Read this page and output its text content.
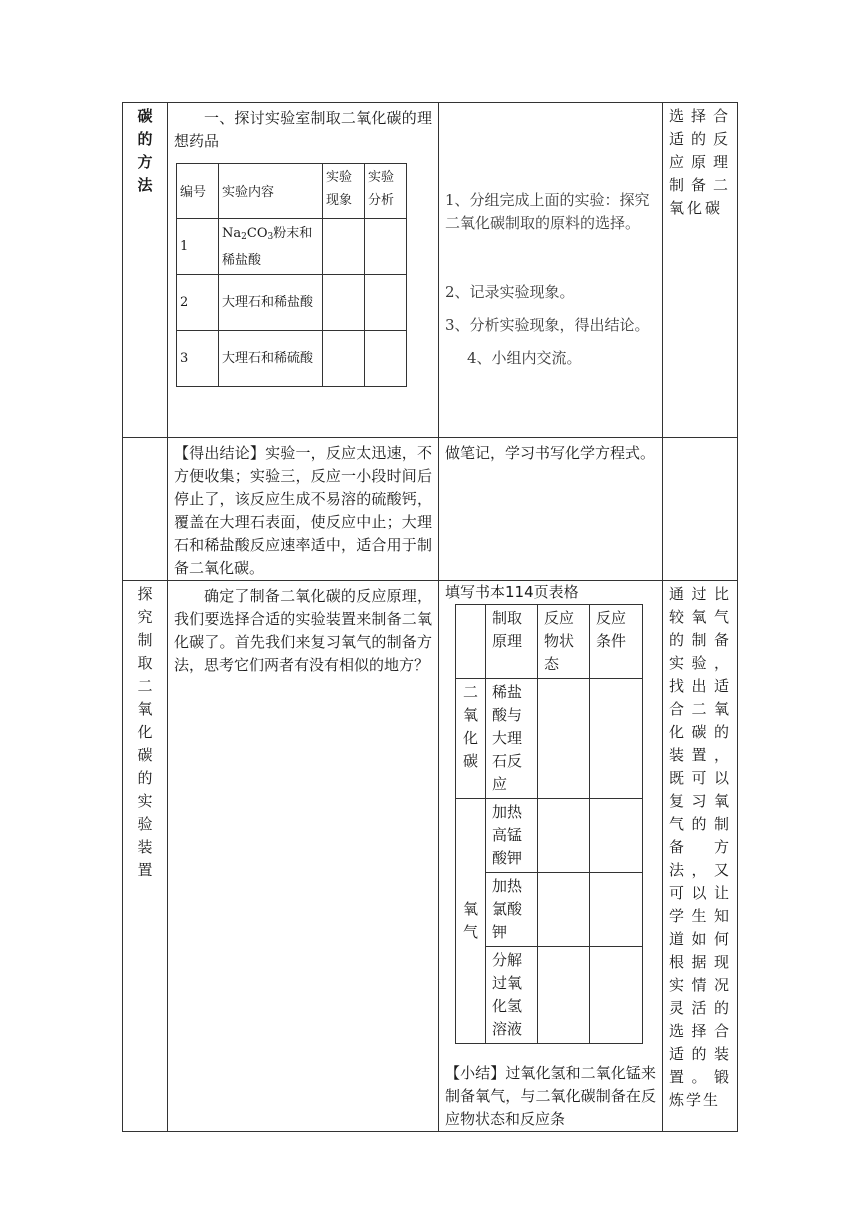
碳
的
方
法

一、探讨实验室制取二氧化碳的理想药品
编号	实验内容	实验现象	实验分析
1	$Na_2CO_3$粉末和稀盐酸		
2	大理石和稀盐酸		
3	大理石和稀硫酸		

1、分组完成上面的实验：探究二氧化碳制取的原料的选择。
2、记录实验现象。
3、分析实验现象，得出结论。
4、小组内交流。

选择合适的反应原理制备二氧化碳

【得出结论】实验一，反应太迅速，不方便收集；实验三，反应一小段时间后停止了，该反应生成不易溶的硫酸钙，覆盖在大理石表面，使反应中止；大理石和稀盐酸反应速率适中，适合用于制备二氧化碳。

做笔记，学习书写化学方程式。

探
究
制
取
二
氧
化
碳
的
实
验
装
置

确定了制备二氧化碳的反应原理，我们要选择合适的实验装置来制备二氧化碳了。首先我们来复习氧气的制备方法，思考它们两者有没有相似的地方？

填写书本114页表格
	制取原理	反应物状态	反应条件
二
氧
化
碳	稀盐酸与大理石反应		
氧
气	加热高锰酸钾		
加热氯酸钾		
分解过氧化氢溶液		
【小结】过氧化氢和二氧化锰来制备氧气，与二氧化碳制备在反应物状态和反应条

通过比较氧气的制备实验，找出适合二氧化碳的装置，既可以复习氧气的制备方法，又可以让学生知道如何根据现实情况灵活的选择合适的装置。锻炼学生
